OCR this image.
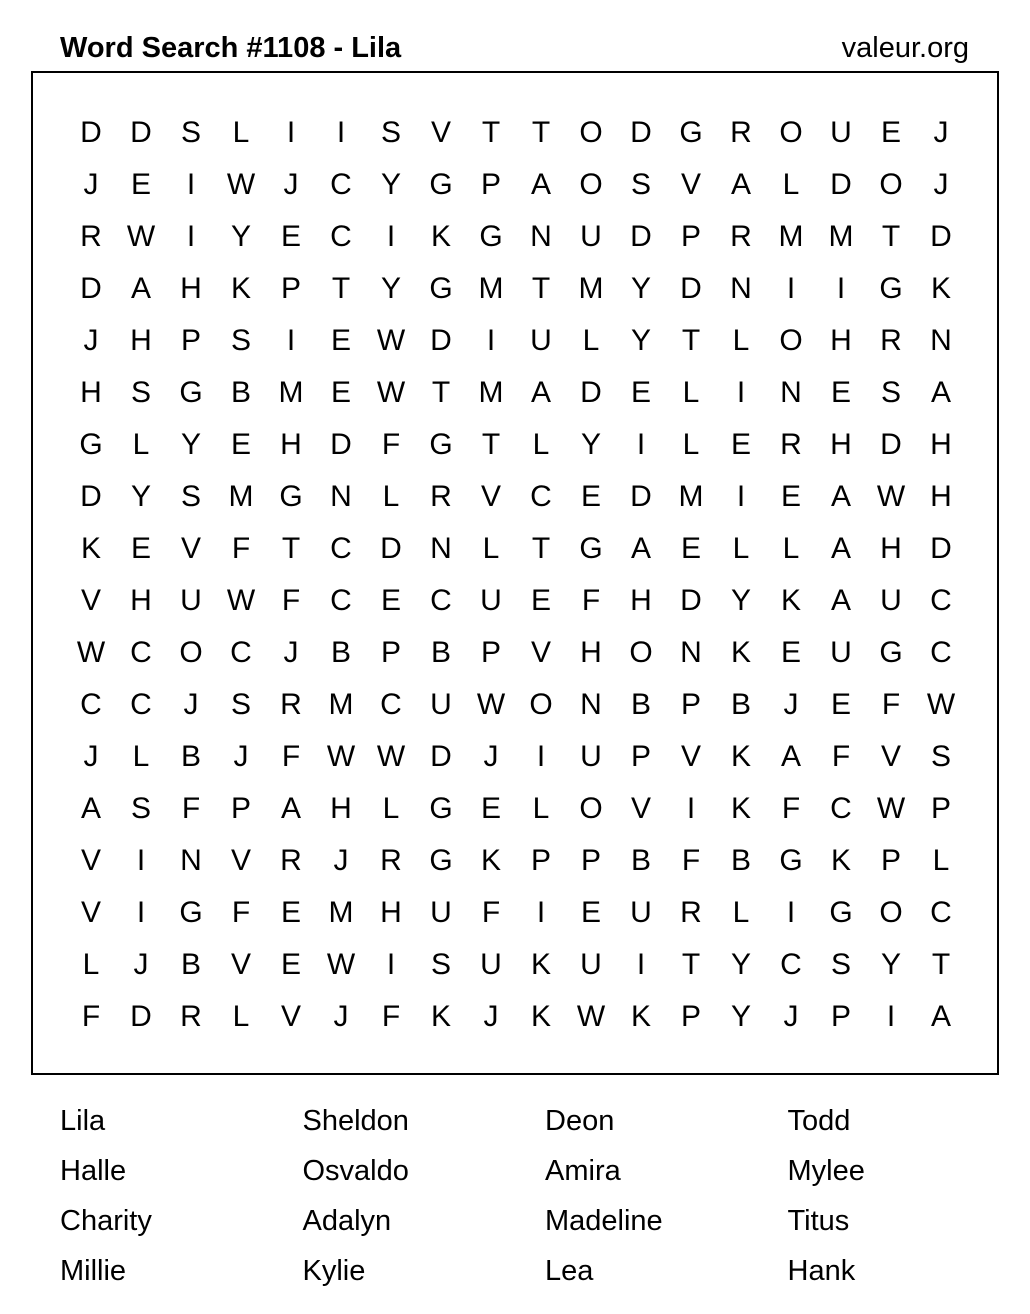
Word Search #1108 - Lila	valeur.org
D D S	L	I	I	S V	T	T O D G R O U E	J
J	E	I	W J	C Y G P A O S V A	L	D O	J
R W	I	Y E C	I	K G N U D P R M M T	D
D A H K P	T	Y G M T M Y D N	I	I	G K
J	H P S	I	E W D	I	U	L	Y	T	L O H R N
H S G B M E W T M A D E	L	I	N E S A
G L	Y E H D	F G T	L	Y	I	L	E R H D H
D Y S M G N	L	R V C E D M	I	E A W H
K E V	F	T	C D N	L	T G A E	L	L	A H D
V H U W F	C E C U E	F	H D Y K A U C
W C O C	J	B P B P V H O N K E U G C
C C	J	S R M C U W O N B P B	J	E	F W
J	L	B	J	F W W D	J	I	U P V K A	F	V S
A S	F	P A H	L G E	L O V	I	K	F	C W P
V	I	N V R	J	R G K P P B	F	B G K P	L
V	I	G F	E M H U	F	I	E U R	L	I	G O C
L	J	B V E W	I	S U K U	I	T	Y C S Y	T
F	D R	L	V	J	F	K	J	K W K P Y	J	P	I	A
Lila	Sheldon	Deon	Todd
Halle	Osvaldo	Amira	Mylee
Charity	Adalyn	Madeline	Titus
Millie	Kylie	Lea	Hank
